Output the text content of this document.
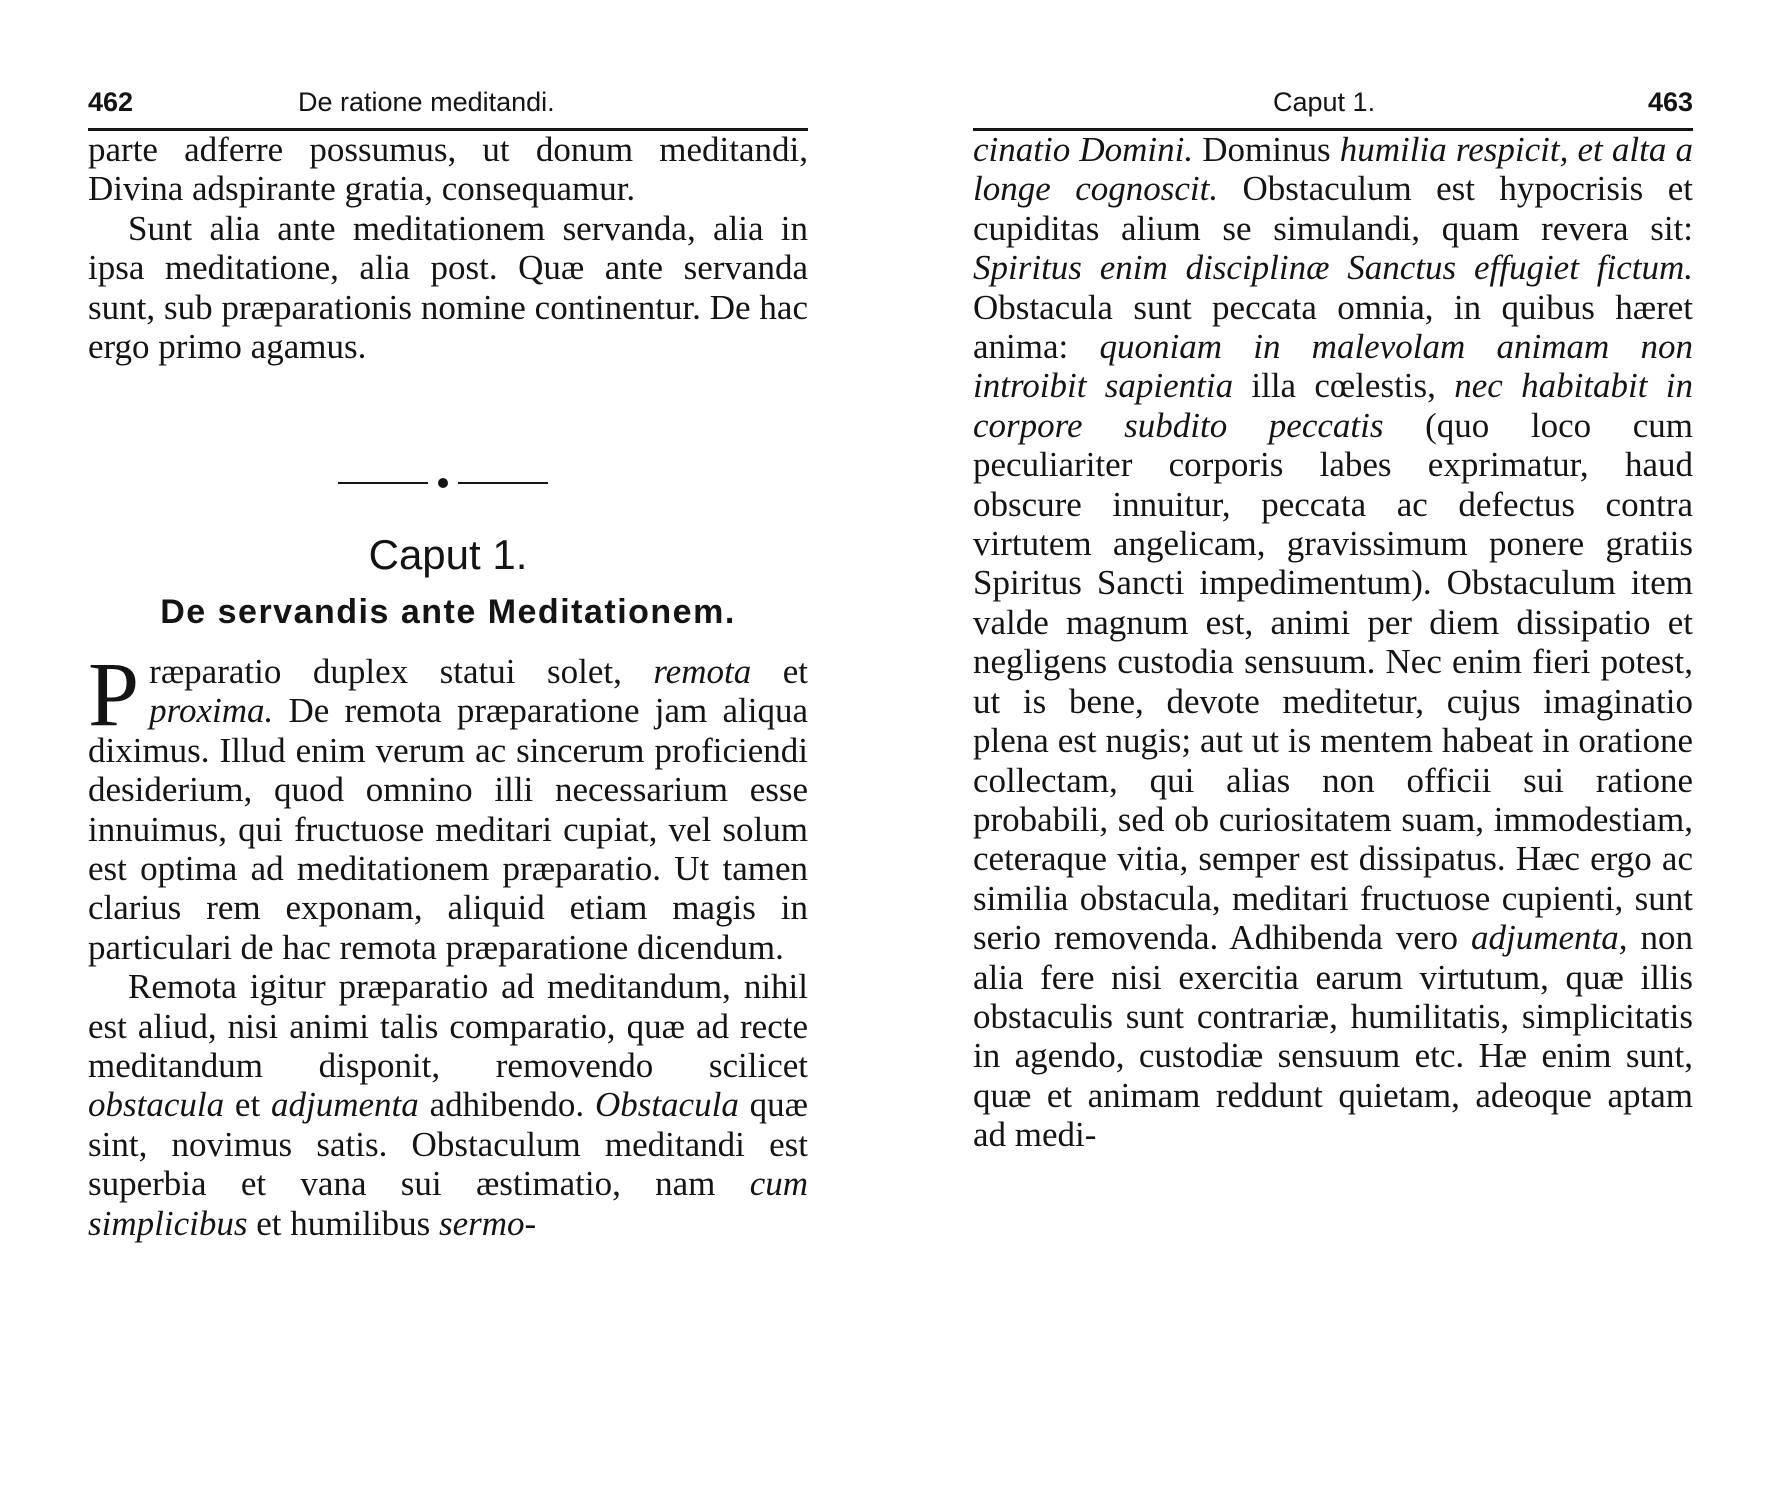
462	De ratione meditandi.

parte adferre possumus, ut donum meditandi, Divina adspirante gratia, consequamur.

Sunt alia ante meditationem servanda, alia in ipsa meditatione, alia post. Quæ ante servanda sunt, sub præparationis nomine continentur. De hac ergo primo agamus.

Caput 1.
De servandis ante Meditationem.

Præparatio duplex statui solet, remota et proxima. De remota præparatione jam aliqua diximus. Illud enim verum ac sincerum proficiendi desiderium, quod omnino illi necessarium esse innuimus, qui fructuose meditari cupiat, vel solum est optima ad meditationem præparatio. Ut tamen clarius rem exponam, aliquid etiam magis in particulari de hac remota præparatione dicendum.

Remota igitur præparatio ad meditandum, nihil est aliud, nisi animi talis comparatio, quæ ad recte meditandum disponit, removendo scilicet obstacula et adjumenta adhibendo. Obstacula quæ sint, novimus satis. Obstaculum meditandi est superbia et vana sui æstimatio, nam cum simplicibus et humilibus sermo-

Caput 1.	463

cinatio Domini. Dominus humilia respicit, et alta a longe cognoscit. Obstaculum est hypocrisis et cupiditas alium se simulandi, quam revera sit: Spiritus enim disciplinæ Sanctus effugiet fictum. Obstacula sunt peccata omnia, in quibus hæret anima: quoniam in malevolam animam non introibit sapientia illa cœlestis, nec habitabit in corpore subdito peccatis (quo loco cum peculiariter corporis labes exprimatur, haud obscure innuitur, peccata ac defectus contra virtutem angelicam, gravissimum ponere gratiis Spiritus Sancti impedimentum). Obstaculum item valde magnum est, animi per diem dissipatio et negligens custodia sensuum. Nec enim fieri potest, ut is bene, devote meditetur, cujus imaginatio plena est nugis; aut ut is mentem habeat in oratione collectam, qui alias non officii sui ratione probabili, sed ob curiositatem suam, immodestiam, ceteraque vitia, semper est dissipatus. Hæc ergo ac similia obstacula, meditari fructuose cupienti, sunt serio removenda. Adhibenda vero adjumenta, non alia fere nisi exercitia earum virtutum, quæ illis obstaculis sunt contrariæ, humilitatis, simplicitatis in agendo, custodiæ sensuum etc. Hæ enim sunt, quæ et animam reddunt quietam, adeoque aptam ad medi-
